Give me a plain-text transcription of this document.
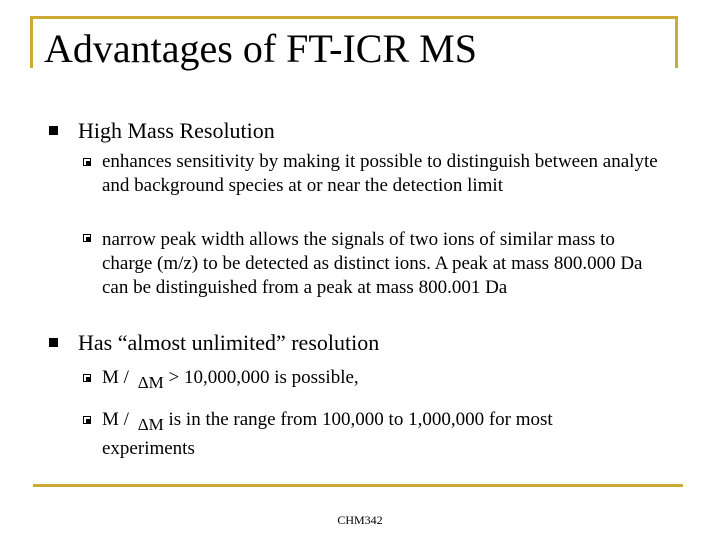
Advantages of FT-ICR MS
High Mass Resolution
enhances sensitivity by making it possible to distinguish between analyte and background species at or near the detection limit
narrow peak width allows the signals of two ions of similar mass to charge (m/z) to be detected as distinct ions. A peak at mass 800.000 Da can be distinguished from a peak at mass 800.001 Da
Has “almost unlimited” resolution
M / ΔM > 10,000,000 is possible,
M / ΔM is in the range from 100,000 to 1,000,000 for most experiments
CHM342
